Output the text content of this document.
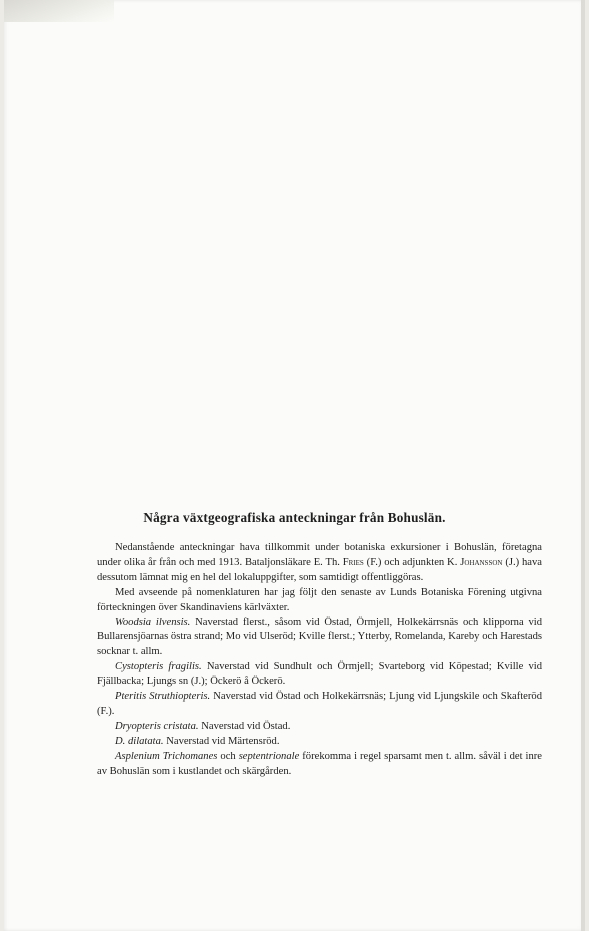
Några växtgeografiska anteckningar från Bohuslän.

Nedanstående anteckningar hava tillkommit under botaniska exkursioner i Bohuslän, företagna under olika år från och med 1913. Bataljonsläkare E. Th. Fries (F.) och adjunkten K. Johansson (J.) hava dessutom lämnat mig en hel del lokaluppgifter, som samtidigt offentliggöras.

Med avseende på nomenklaturen har jag följt den senaste av Lunds Botaniska Förening utgivna förteckningen över Skandinaviens kärlväxter.

Woodsia ilvensis. Naverstad flerst., såsom vid Östad, Örmjell, Holkekärrsnäs och klipporna vid Bullarensjöarnas östra strand; Mo vid Ulseröd; Kville flerst.; Ytterby, Romelanda, Kareby och Harestads socknar t. allm.

Cystopteris fragilis. Naverstad vid Sundhult och Örmjell; Svarteborg vid Köpestad; Kville vid Fjällbacka; Ljungs sn (J.); Öckerö å Öckerö.

Pteritis Struthiopteris. Naverstad vid Östad och Holkekärrsnäs; Ljung vid Ljungskile och Skafteröd (F.).

Dryopteris cristata. Naverstad vid Östad.

D. dilatata. Naverstad vid Märtensröd.

Asplenium Trichomanes och septentrionale förekomma i regel sparsamt men t. allm. såväl i det inre av Bohuslän som i kustlandet och skärgården.
